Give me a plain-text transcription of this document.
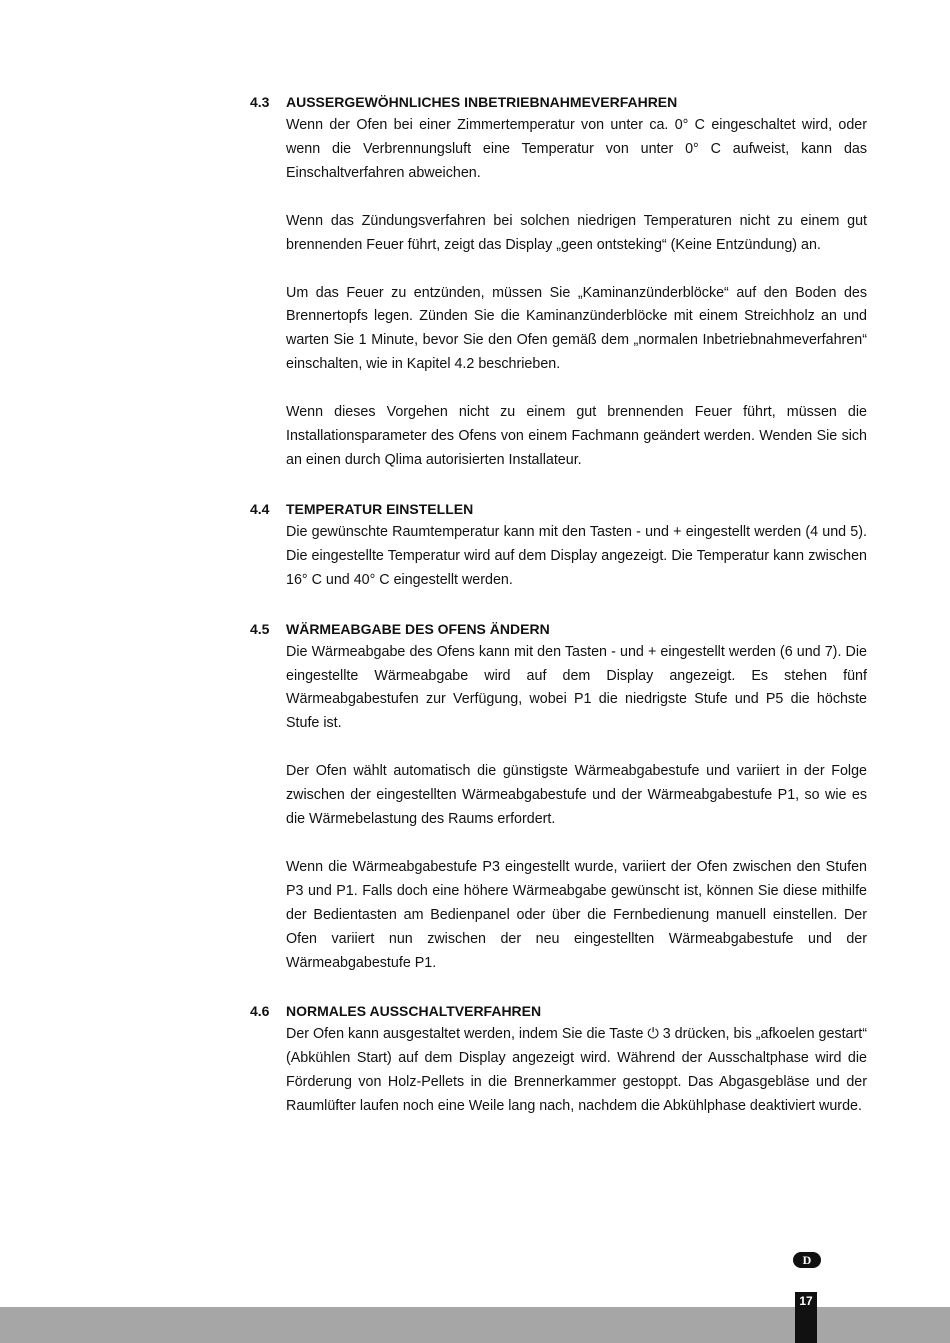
4.3	AUSSERGEWÖHNLICHES INBETRIEBNAHMEVERFAHREN

Wenn der Ofen bei einer Zimmertemperatur von unter ca. 0° C eingeschaltet wird, oder wenn die Verbrennungsluft eine Temperatur von unter 0° C aufweist, kann das Einschaltverfahren abweichen.

Wenn das Zündungsverfahren bei solchen niedrigen Temperaturen nicht zu einem gut brennenden Feuer führt, zeigt das Display „geen ontsteking“ (Keine Entzündung) an.

Um das Feuer zu entzünden, müssen Sie „Kaminanzünderblöcke“ auf den Boden des Brennertopfs legen. Zünden Sie die Kaminanzünderblöcke mit einem Streichholz an und warten Sie 1 Minute, bevor Sie den Ofen gemäß dem „normalen Inbetriebnahmeverfahren“ einschalten, wie in Kapitel 4.2 beschrieben.

Wenn dieses Vorgehen nicht zu einem gut brennenden Feuer führt, müssen die Installationsparameter des Ofens von einem Fachmann geändert werden. Wenden Sie sich an einen durch Qlima autorisierten Installateur.

4.4	TEMPERATUR EINSTELLEN

Die gewünschte Raumtemperatur kann mit den Tasten - und + eingestellt werden (4 und 5). Die eingestellte Temperatur wird auf dem Display angezeigt. Die Temperatur kann zwischen 16° C und 40° C eingestellt werden.

4.5	WÄRMEABGABE DES OFENS ÄNDERN

Die Wärmeabgabe des Ofens kann mit den Tasten - und + eingestellt werden (6 und 7). Die eingestellte Wärmeabgabe wird auf dem Display angezeigt. Es stehen fünf Wärmeabgabestufen zur Verfügung, wobei P1 die niedrigste Stufe und P5 die höchste Stufe ist.

Der Ofen wählt automatisch die günstigste Wärmeabgabestufe und variiert in der Folge zwischen der eingestellten Wärmeabgabestufe und der Wärmeabgabestufe P1, so wie es die Wärmebelastung des Raums erfordert.

Wenn die Wärmeabgabestufe P3 eingestellt wurde, variiert der Ofen zwischen den Stufen P3 und P1. Falls doch eine höhere Wärmeabgabe gewünscht ist, können Sie diese mithilfe der Bedientasten am Bedienpanel oder über die Fernbedienung manuell einstellen. Der Ofen variiert nun zwischen der neu eingestellten Wärmeabgabestufe und der Wärmeabgabestufe P1.

4.6	NORMALES AUSSCHALTVERFAHREN

Der Ofen kann ausgestaltet werden, indem Sie die Taste ⏻ 3 drücken, bis „afkoelen gestart“ (Abkühlen Start) auf dem Display angezeigt wird. Während der Ausschaltphase wird die Förderung von Holz-Pellets in die Brennerkammer gestoppt. Das Abgasgebläse und der Raumlüfter laufen noch eine Weile lang nach, nachdem die Abkühlphase deaktiviert wurde.

D
17
